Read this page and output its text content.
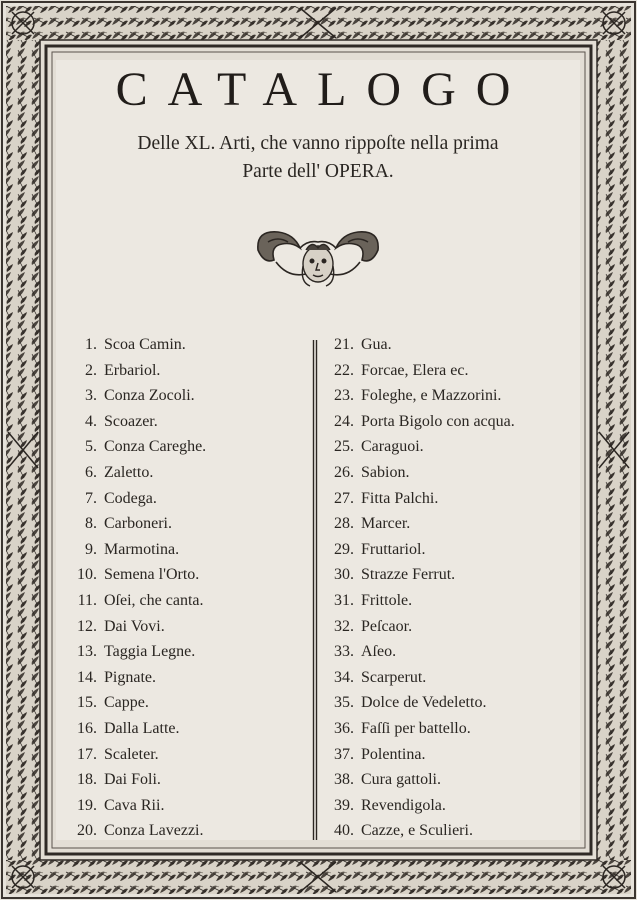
CATALOGO
Delle XL. Arti, che vanno rippoſte nella prima
Parte dell' OPERA.
1. Scoa Camin.
2. Erbariol.
3. Conza Zocoli.
4. Scoazer.
5. Conza Careghe.
6. Zaletto.
7. Codega.
8. Carboneri.
9. Marmotina.
10. Semena l'Orto.
11. Oſei, che canta.
12. Dai Vovi.
13. Taggia Legne.
14. Pignate.
15. Cappe.
16. Dalla Latte.
17. Scaleter.
18. Dai Foli.
19. Cava Rii.
20. Conza Lavezzi.
21. Gua.
22. Forcae, Elera ec.
23. Foleghe, e Mazzorini.
24. Porta Bigolo con acqua.
25. Caraguoi.
26. Sabion.
27. Fitta Palchi.
28. Marcer.
29. Fruttariol.
30. Strazze Ferrut.
31. Frittole.
32. Peſcaor.
33. Aſeo.
34. Scarperut.
35. Dolce de Vedeletto.
36. Faſſi per battello.
37. Polentina.
38. Cura gattoli.
39. Revendigola.
40. Cazze, e Sculieri.
